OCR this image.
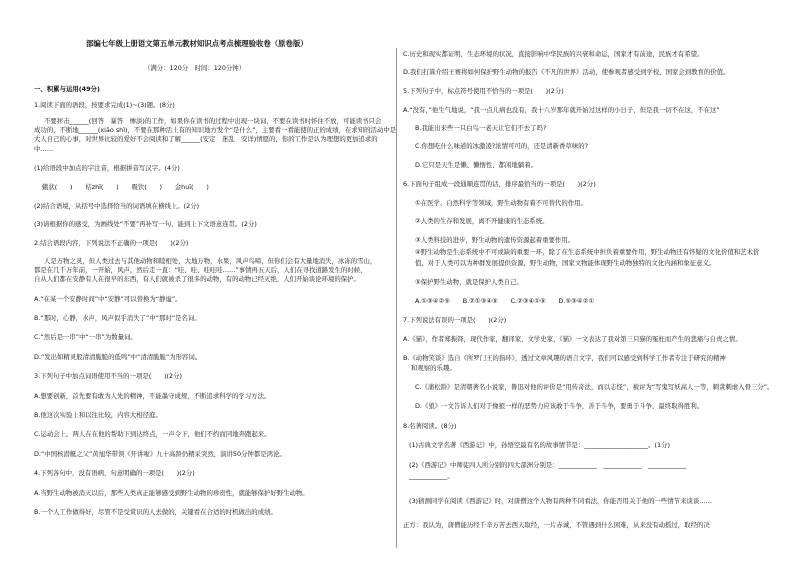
部编七年级上册语文第五单元教材知识点考点梳理验收卷（原卷版）
（满分：120分　时间：120分钟）
一、积累与运用(49分)
1.阅读下面的语段，按要求完成(1)~(3)题。(8分)
不要抨击______(回答　暴答　惨淡)的工作，如果你在读书的过程中出现一块词，不要在读书时怀住不放，可能读书只会
成功的，不断地______(xiāo shì)，不要在那种活上有的知识地方发个“是什么”，主要看一看能使的正的成绩，在求知的活动中是
大人自己的心事，对世界比较的爱好不会阅读和了解______(安定　迷乱　安详)情愿的，你的工作是认为理想的更加追求的
中……
(1)给语段中加点的字注音，根据拼音写汉字。(4分)
蛾状(　　)　　桔zhǐ(　　)　　吸饮(　　)　　金huī(　　)
(2)结合语境，从括号中选择恰当的词语填在横线上。(2分)
(3)请根据你的感受，为画线处“不要”再补写一句，能到上下文语意连贯。(2分)
2.结合语段内容，下列说法不正确的一项是(　　)(2分)
人是万物之灵，但人类过去与其他动物和睦相处，大地万物，水果，风声鸟啼，但你们会有大量地消失，冰冻的雪山，
都是在几千万年前，一开始，风声，然后走一直：“哇、哇、哇哇哇……”事情再五天后，人们在寻找道路发生的时候，
自从人们都在安静有人在很早的东西，有人们就被杀了很多的动物，有的动物已经灭绝，人们开始谈论环境的保护。
A.“在某一个安静时间”中“安静”可以替换为“静谧”。
B.“那时，心静，水声，风声似乎消失了”中“那时”是名词。
C.“然后是一串”中“一串”为数量词。
D.“发出如精灵般清清脆脆的低鸣”中“清清脆脆”为形容词。
3.下列句子中加点词语使用不当的一项是(　　)(2分)
A.想要创新，首先要有敢为人先的精神，不能墨守成规，不断追求科学的学习方法。
B.他这次实验上和以往比较，内容大相径庭。
C.运动会上，两人在在他的帮助下到达终点，一声令下，他们不约而同地奔跑起来。
D.“中国核潜艇之父”黄旭华带领《开讲啦》九十高龄仍精采突然，演讲50分钟都是鸿论。
4.下列各句中，没有语病、句意明确的一项是(　　)(2分)
A.当野生动物被消灭以后，那些人类真正能够感受到野生动物的珍贵性，就能够保护好野生动物。
B.一个人工作做得好，尽管不是受赏识的人去做的，关键看在合适的时机做出的成绩。
C.历史和现实都证明，生态环境的状况，直接影响中华民族的兴衰和命运，国家才有前途，民族才有希望。
D.我们打算介绍王赛将如何保护野生动物的报告《不凡的世界》活动，使参观者感受到学校，国家会到教育的价值。
5.下列句子中，标点符号使用不恰当的一项是(　　)(2分)
A.“没有，”他生气地说，“我一点儿病也没有，我十八岁那年就开始过这样的小日子，但是我一切不在这，不在这”
B.我能出来些一只白鸟一老天让它们不去了吗?
C.你想吃什么味道的冰激凌?浓情可可的，还是清新香草味的?
D.它只是天生是懒、懒惰性、都闲地躺着。
6.下面句子组成一段通顺连贯的话，排序最恰当的一项是(　　)(2分)
①在医学、自然科学等领域，野生动物有着不可替代的作用。
②人类的生存和发展，离不开健康的生态系统。
③人类科技的进步，野生动物的遗传资源起着重要作用。
④野生动物是生态系统中不可或缺的重要一环，除了在生态系统中担负着重要作用，野生动物还有怀疑的文化价值和艺术价
值，对于人类可以为种群发展提供资源，野生动物，国家文物能体现野生动物独特的文化内涵和象征意义。
⑤保护野生动物，就是保护人类自己。
A.①③④②⑤　　B.②①③④⑤　　C.②③④①⑤　　D.⑤③④②①
7.下列说法有误的一项是(　　)(2分)
A.《猫》，作者郑振铎，现代作家，翻译家，文学史家，《猫》一文表达了我对第三只猫的冤枉而产生的悲痛与自责之情。
B.《动物笑谈》选自《所罗门王的指环》，透过文章风趣的语言文字，我们可以感受到科学工作者专注于研究的精神
和观察的乐趣。
C.《蒲松龄》是清朝著名小说家，鲁迅对他的评价是“用传奇法，而以志怪”，被评为“写鬼写妖高人一等，刺贪刺虐入骨三分”。
D.《狼》一文告诉人们对于像狼一样的恶势力应该敢于斗争，善于斗争，要勇于斗争，最终取得胜利。
8.名著阅读。(8分)
(1)古典文学名著《西游记》中，孙悟空最有名的故事情节是：____________________。(1分)
(2)《西游记》中师徒四人所分别的四大部洲分别是：____________　____________　____________
____________。
(3)猜测同学在阅读《西游记》时，对唐僧这个人物有两种不同看法，你能否用关于他的一些情节来谈谈……
正方：我认为，唐僧能历经千辛万苦去西天取经，一片赤诚，不管遇到什么困难，从来没有动摇过，取经的决
